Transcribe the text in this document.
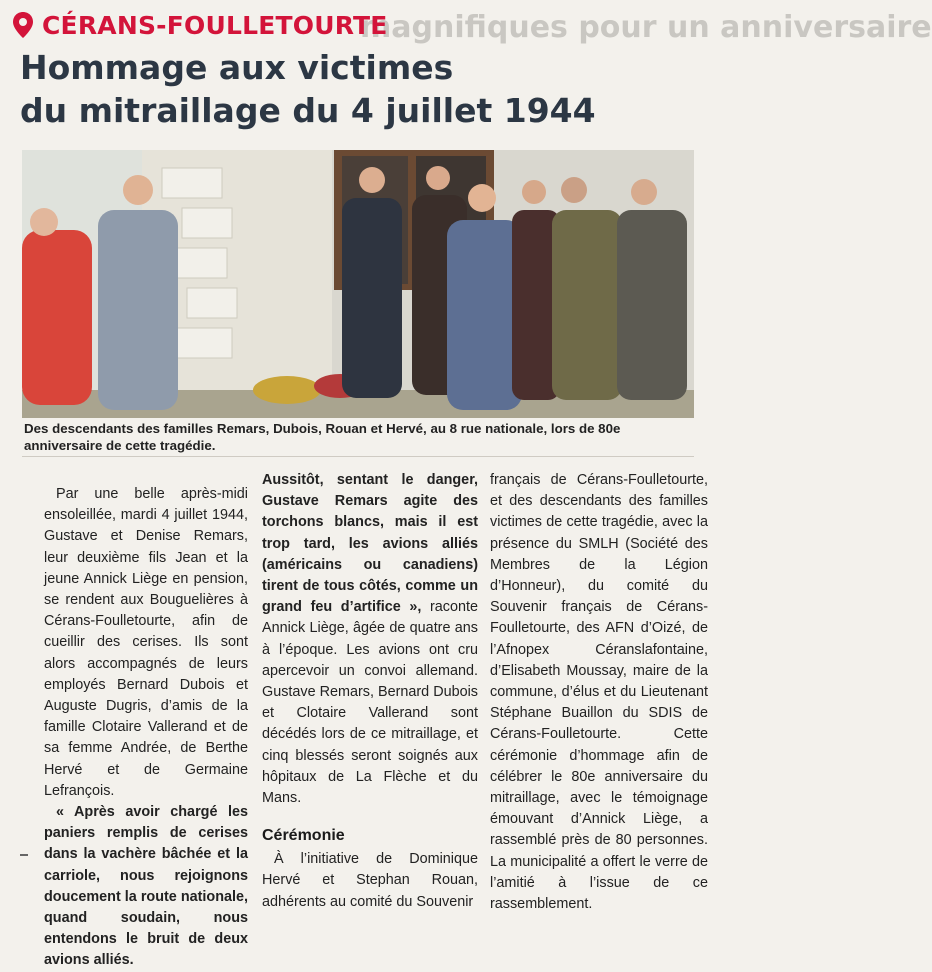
magnifiques pour un anniversaire
CÉRANS-FOULLETOURTE
Hommage aux victimes
du mitraillage du 4 juillet 1944
Des descendants des familles Remars, Dubois, Rouan et Hervé, au 8 rue nationale, lors de 80e anniversaire de cette tragédie.

Par une belle après-midi ensoleillée, mardi 4 juillet 1944, Gustave et Denise Remars, leur deuxième fils Jean et la jeune Annick Liège en pension, se rendent aux Bouguelières à Cérans-Foulletourte, afin de cueillir des cerises. Ils sont alors accompagnés de leurs employés Bernard Dubois et Auguste Dugris, d’amis de la famille Clotaire Vallerand et de sa femme Andrée, de Berthe Hervé et de Germaine Lefrançois.

« Après avoir chargé les paniers remplis de cerises dans la vachère bâchée et la carriole, nous rejoignons doucement la route nationale, quand soudain, nous entendons le bruit de deux avions alliés.

Aussitôt, sentant le danger, Gustave Remars agite des torchons blancs, mais il est trop tard, les avions alliés (américains ou canadiens) tirent de tous côtés, comme un grand feu d’artifice », raconte Annick Liège, âgée de quatre ans à l’époque. Les avions ont cru apercevoir un convoi allemand. Gustave Remars, Bernard Dubois et Clotaire Vallerand sont décédés lors de ce mitraillage, et cinq blessés seront soignés aux hôpitaux de La Flèche et du Mans.

Cérémonie

À l’initiative de Dominique Hervé et Stephan Rouan, adhérents au comité du Souvenir

français de Cérans-Foulletourte, et des descendants des familles victimes de cette tragédie, avec la présence du SMLH (Société des Membres de la Légion d’Honneur), du comité du Souvenir français de Cérans-Foulletourte, des AFN d’Oizé, de l’Afnopex Céranslafontaine, d’Elisabeth Moussay, maire de la commune, d’élus et du Lieutenant Stéphane Buaillon du SDIS de Cérans-Foulletourte. Cette cérémonie d’hommage afin de célébrer le 80e anniversaire du mitraillage, avec le témoignage émouvant d’Annick Liège, a rassemblé près de 80 personnes. La municipalité a offert le verre de l’amitié à l’issue de ce rassemblement.
